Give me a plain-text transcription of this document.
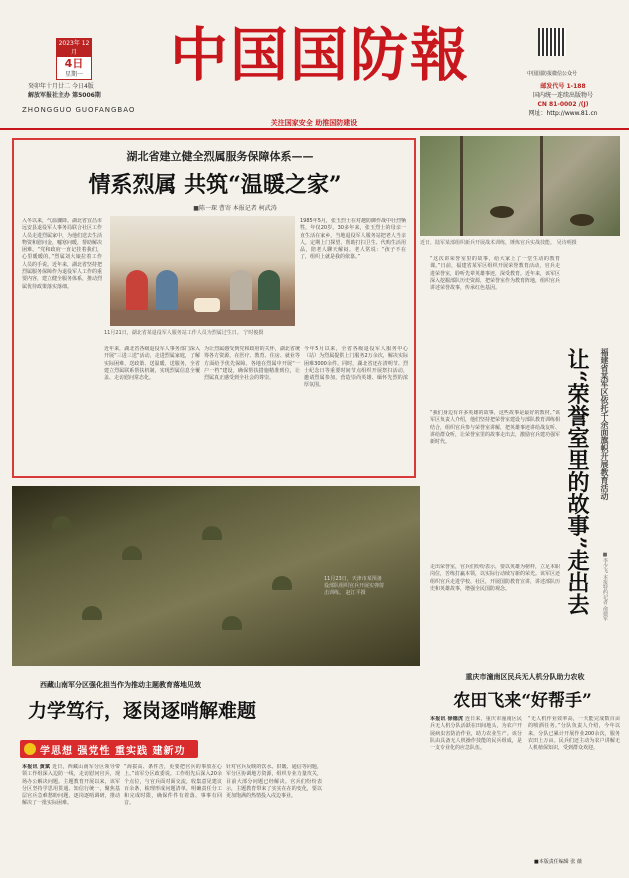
2023年 12月
4日
星期一
癸卯年十月廿二 今日4版
解放军报社主办 第5006期
中国国防報
ZHONGGUO GUOFANGBAO
关注国家安全 助推国防建设
中国国防报微信公众号
邮发代号 1-188
国内统一连续出版物号
CN 81-0002 /(J)
网址：http://www.81.cn
湖北省建立健全烈属服务保障体系——
情系烈属 共筑“温暖之家”
■陈一琛 曹寄 本报记者 柯武涛
11月21日，湖北省某退役军人服务站工作人员为烈属过生日。 宁时俊摄
入冬以来，气温骤降。湖北省宜昌市远安县退役军人事务局联合社区工作人员走进烈属家中，为他们送去生活物资和慰问金，嘘寒问暖，帮助解决困难。“党和政府一直记挂着我们，心里暖暖的。”烈属刘大娘拉着工作人员的手说。近年来，湖北省坚持把烈属服务保障作为退役军人工作的重要内容，建立健全服务体系，推动烈属优待政策落实落细。
1985年5月，张玉烈士在对越防御作战中壮烈牺牲，年仅20岁。30多年来，张玉烈士的母亲一直生活在家乡，当地退役军人服务站把老人当亲人，定期上门探望，帮助打扫卫生、代购生活用品，陪老人聊天解闷。老人常说：“孩子不在了，组织上就是我的依靠。”
近年来，湖北省各级退役军人事务部门深入开展“三进三送”活动，走进烈属家庭，了解实际困难，送政策、送温暖、送服务，全省建立烈属联系帮扶机制，实现烈属信息全覆盖、走访慰问常态化。
为让烈属感受到党和政府的关怀，湖北省统筹各方资源，在医疗、教育、住房、就业等方面给予优先保障。各地在烈属中开展“一户一档”建设，确保帮扶措施精准到位，让烈属真正感受到全社会的尊崇。
今年5月以来，全省各级退役军人服务中心（站）为烈属提供上门服务2万余次，解决实际困难3000余件。同时，湖北省还在清明节、烈士纪念日等重要时间节点组织开展祭扫活动，邀请烈属参加，营造崇尚英雄、缅怀先烈的浓厚氛围。
近日，陆军某部组织新兵开展战术训练，锤炼官兵实战技能。 吴诗明摄
“这次讲荣誉室里的故事，给大家上了一堂生动的教育课。”日前，福建省某军区组织开展荣誉教育活动，官兵走进荣誉室，聆听先辈英雄事迹，深受教育。近年来，该军区深入挖掘部队历史资源，把荣誉室作为教育阵地，组织官兵讲述荣誉故事，传承红色基因。
“我们身边有许多英雄的故事，这些故事是最好的教材。”该军区负责人介绍，他们坚持把荣誉室建设与部队教育训练相结合，组织官兵参与荣誉室讲解，把英雄事迹讲给战友听、讲给群众听，让荣誉室里的故事走出去，激励官兵建功强军新时代。
走出荣誉室，官兵们纷纷表示，要以英雄为榜样，立足本职岗位，苦练打赢本领，以实际行动续写新的荣光。该军区还组织官兵走进学校、社区，开展国防教育宣讲，讲述部队历史和英雄故事，增强全民国防观念。	让“荣誉室里的故事”走出去	福建省某军区依托千余面旗帜开展教育活动
■李少飞 本报特约记者 俞德军
11月23日，天津市某预备役部队组织官兵开展实弹射击训练。 赵江平摄
重庆市潼南区民兵无人机分队助力农收
农田飞来“好帮手”
本报讯 徐德虎 连日来，重庆市潼南区民兵无人机分队活跃在田间地头，为农户开展病虫害防治作业，助力农业生产。该分队由具备无人机操作技能的民兵组成，是一支专业化的应急队伍。
“无人机作业效率高，一天能完成数百亩的喷洒任务。”分队负责人介绍，今年以来，分队已累计开展作业200余次，服务农田上万亩。民兵们还主动为农户讲解无人机植保知识，受到群众欢迎。
■本版责任编辑 张 薇
西藏山南军分区强化担当作为推动主题教育落地见效
力学笃行，逐岗逐哨解难题
学思想 强党性 重实践 建新功
本报讯 黄斌 近日，西藏山南军分区领导带领工作组深入边防一线，走访慰问官兵，现场办公解决问题。主题教育开展以来，该军分区坚持学思用贯通、知信行统一，聚焦基层官兵急难愁盼问题，逐岗逐哨调研，推动解决了一批实际困难。
“海拔高、条件苦，更要把官兵的事放在心上。”该军分区政委说。工作组先后深入20余个点位，与官兵面对面交流，收集意见建议百余条，梳理形成问题清单，明确责任分工和完成时限，确保件件有着落、事事有回音。
针对官兵反映的饮水、供暖、通信等问题，军分区协调地方资源，组织专业力量攻关，目前大部分问题已经解决。官兵们纷纷表示，主题教育带来了实实在在的变化，要以更加饱满的热情投入戍边事业。
